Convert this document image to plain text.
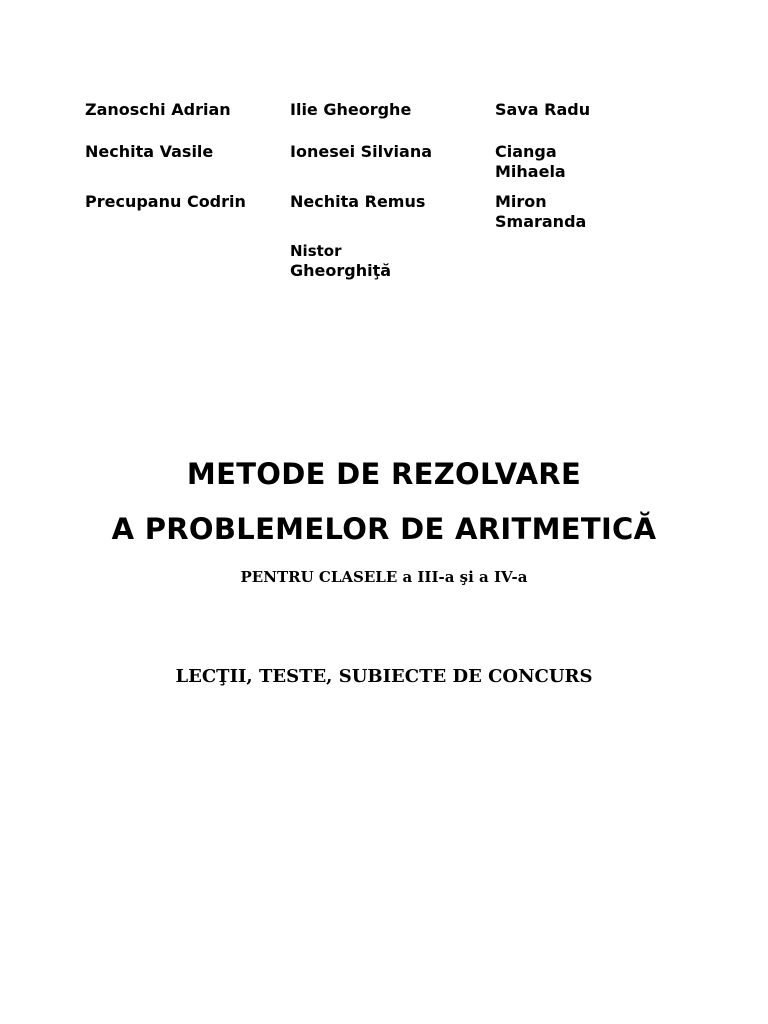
Zanoschi Adrian
Nechita Vasile
Precupanu Codrin
Ilie Gheorghe
Ionesei Silviana
Nechita Remus
Nistor
Gheorghiţă
Sava Radu
Cianga
Mihaela
Miron
Smaranda
METODE DE REZOLVARE
A PROBLEMELOR DE ARITMETICĂ
PENTRU CLASELE a III-a şi a IV-a
LECŢII, TESTE, SUBIECTE DE CONCURS
